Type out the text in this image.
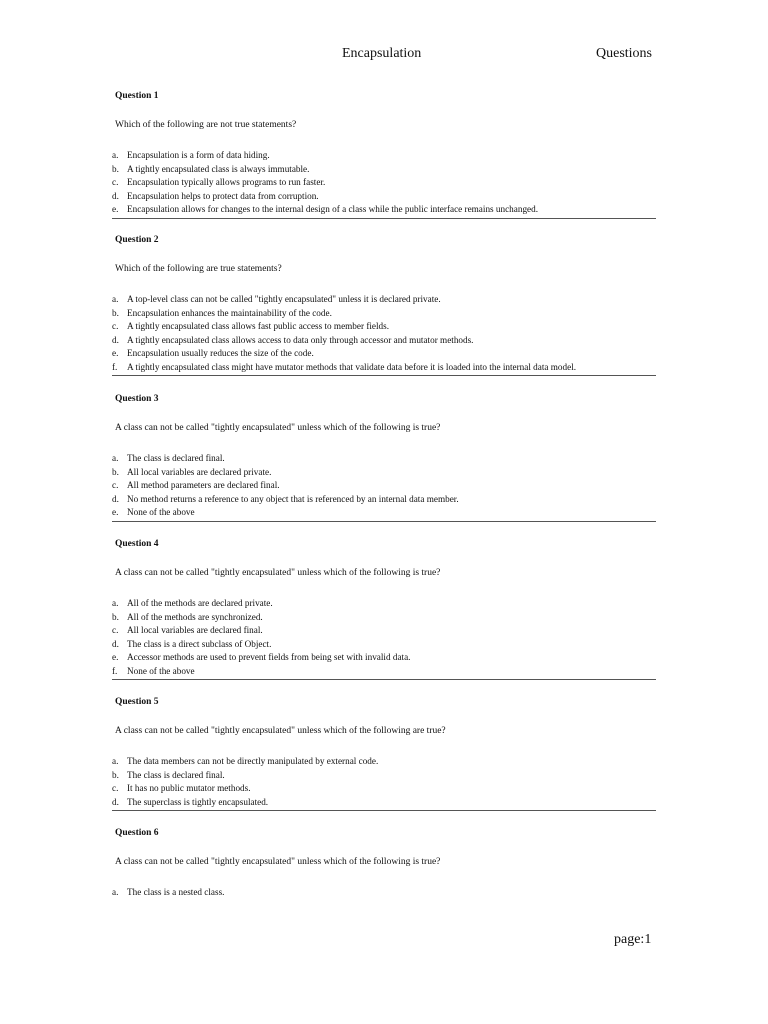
Encapsulation	Questions
Question 1
Which of the following are not true statements?
a. Encapsulation is a form of data hiding.
b. A tightly encapsulated class is always immutable.
c. Encapsulation typically allows programs to run faster.
d. Encapsulation helps to protect data from corruption.
e. Encapsulation allows for changes to the internal design of a class while the public interface remains unchanged.
Question 2
Which of the following are true statements?
a. A top-level class can not be called "tightly encapsulated" unless it is declared private.
b. Encapsulation enhances the maintainability of the code.
c. A tightly encapsulated class allows fast public access to member fields.
d. A tightly encapsulated class allows access to data only through accessor and mutator methods.
e. Encapsulation usually reduces the size of the code.
f. A tightly encapsulated class might have mutator methods that validate data before it is loaded into the internal data model.
Question 3
A class can not be called "tightly encapsulated" unless which of the following is true?
a. The class is declared final.
b. All local variables are declared private.
c. All method parameters are declared final.
d. No method returns a reference to any object that is referenced by an internal data member.
e. None of the above
Question 4
A class can not be called "tightly encapsulated" unless which of the following is true?
a. All of the methods are declared private.
b. All of the methods are synchronized.
c. All local variables are declared final.
d. The class is a direct subclass of Object.
e. Accessor methods are used to prevent fields from being set with invalid data.
f. None of the above
Question 5
A class can not be called "tightly encapsulated" unless which of the following are true?
a. The data members can not be directly manipulated by external code.
b. The class is declared final.
c. It has no public mutator methods.
d. The superclass is tightly encapsulated.
Question 6
A class can not be called "tightly encapsulated" unless which of the following is true?
a. The class is a nested class.
page:1
